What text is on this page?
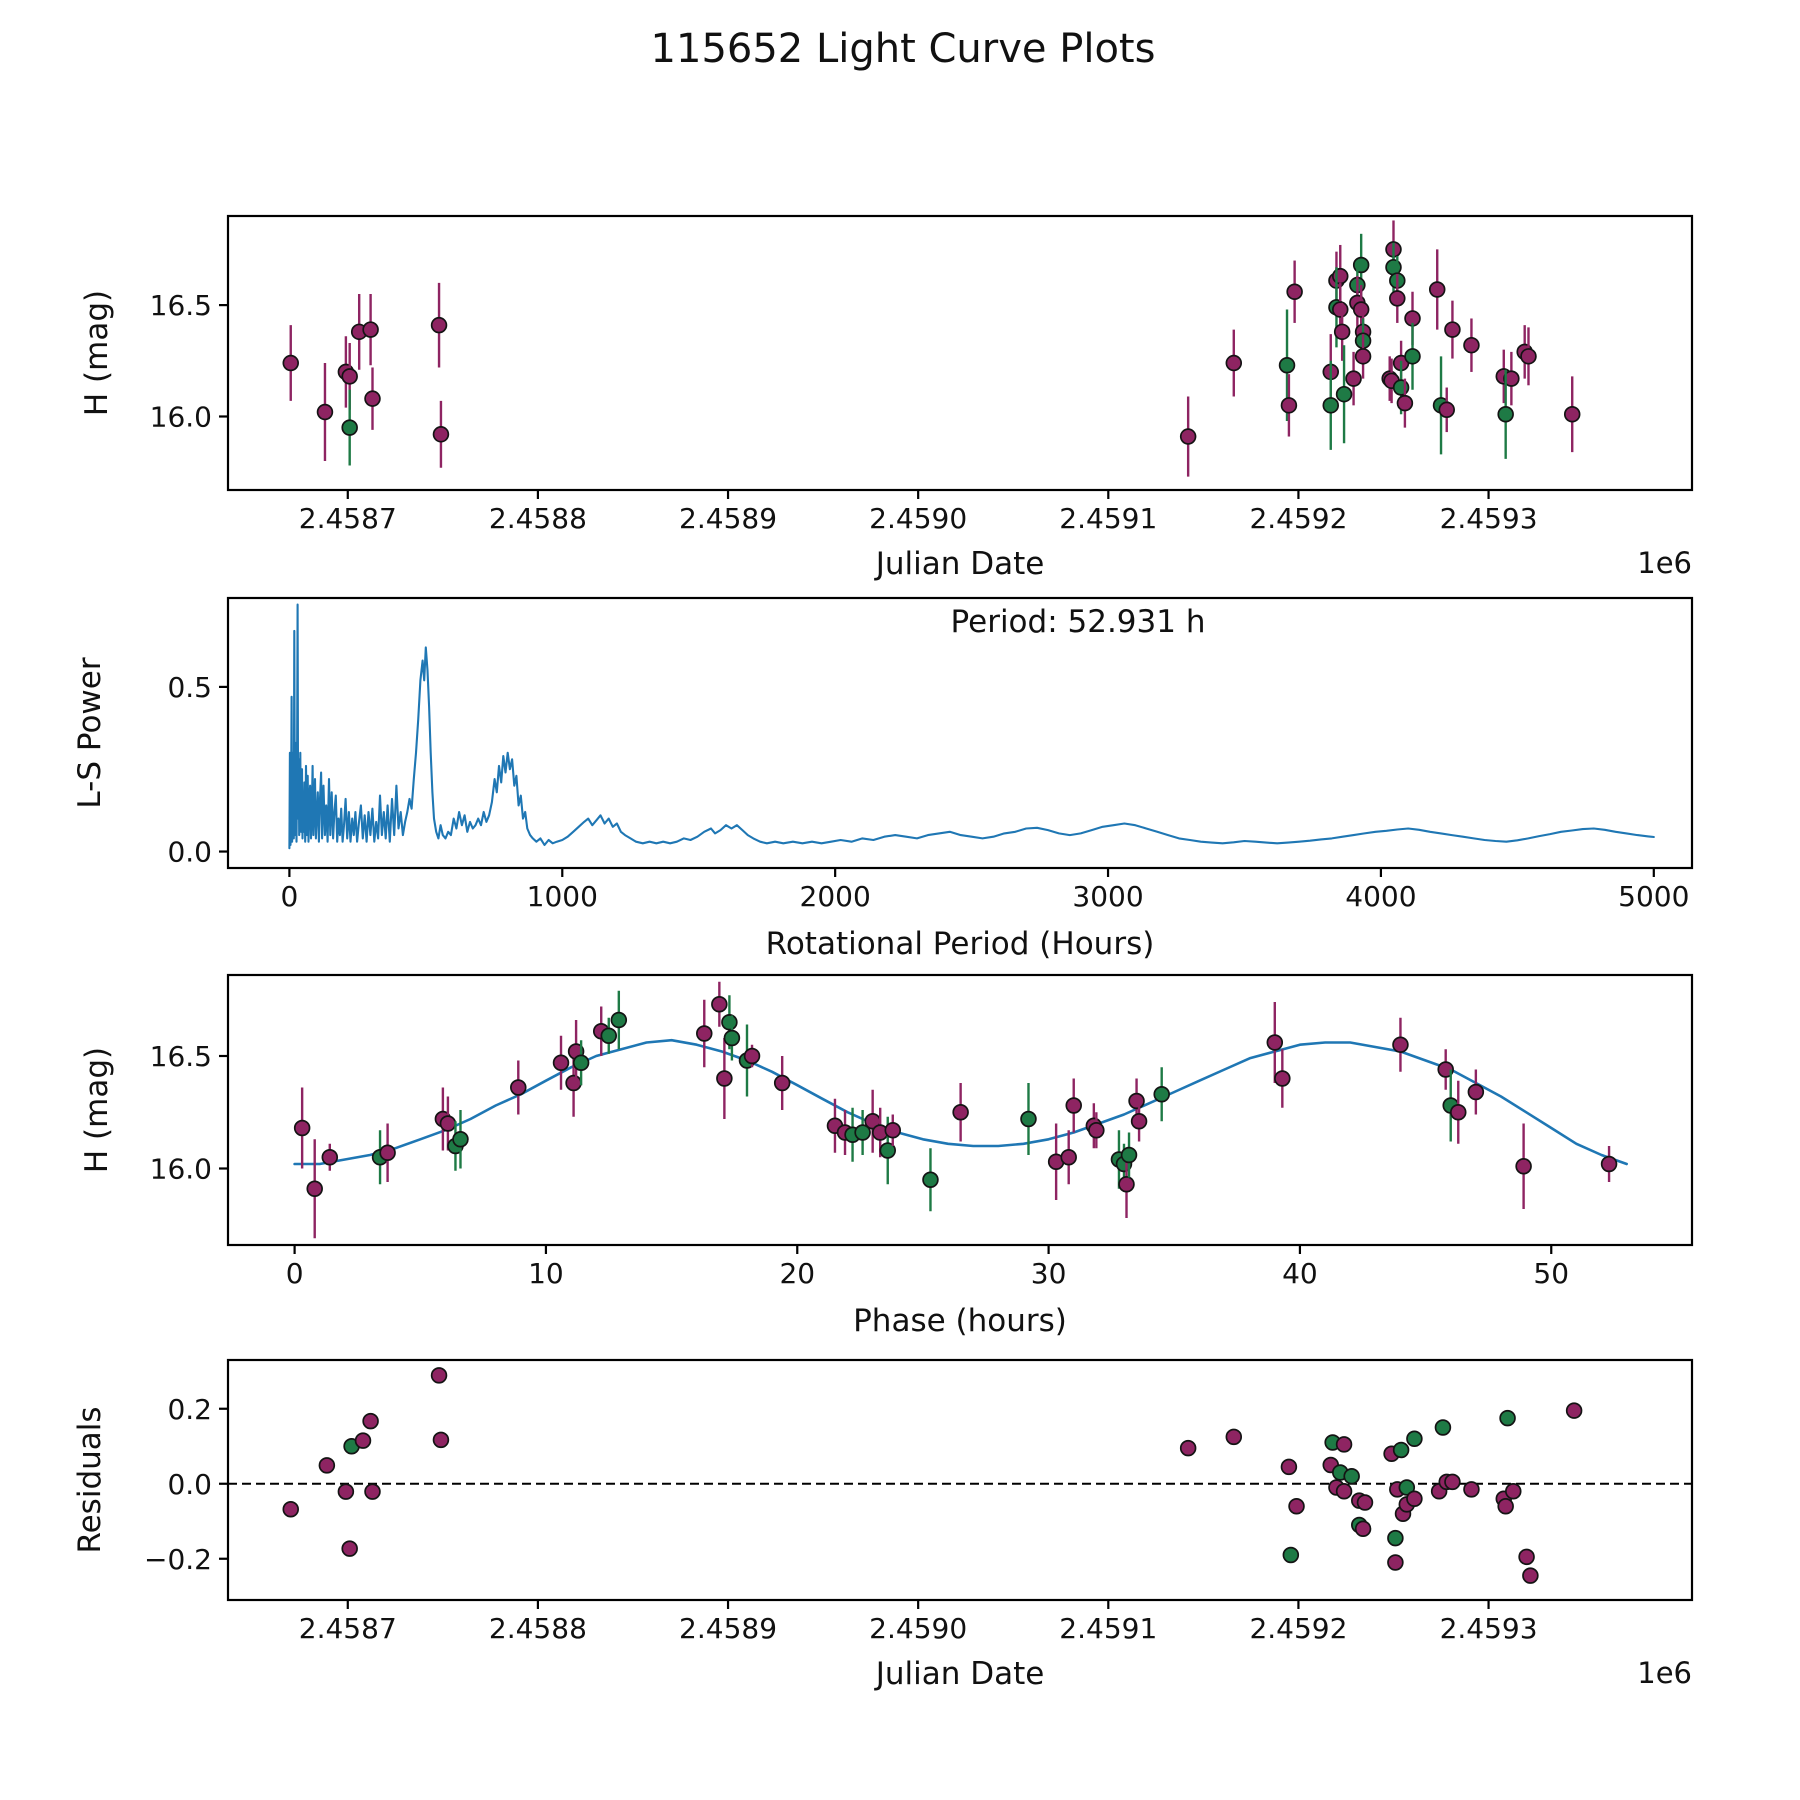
115652 Light Curve Plots
2.4587	2.4588	2.4589	2.4590	2.4591	2.4592	2.4593
16.0
16.5
H (mag)
Julian Date	1e6
0	1000	2000	3000	4000	5000
0.0
0.5
Period: 52.931 h
L-S Power
Rotational Period (Hours)
0	10	20	30	40	50
16.0
16.5
H (mag)
Phase (hours)
2.4587	2.4588	2.4589	2.4590	2.4591	2.4592	2.4593
−0.2
0.0
0.2
Residuals
Julian Date	1e6
